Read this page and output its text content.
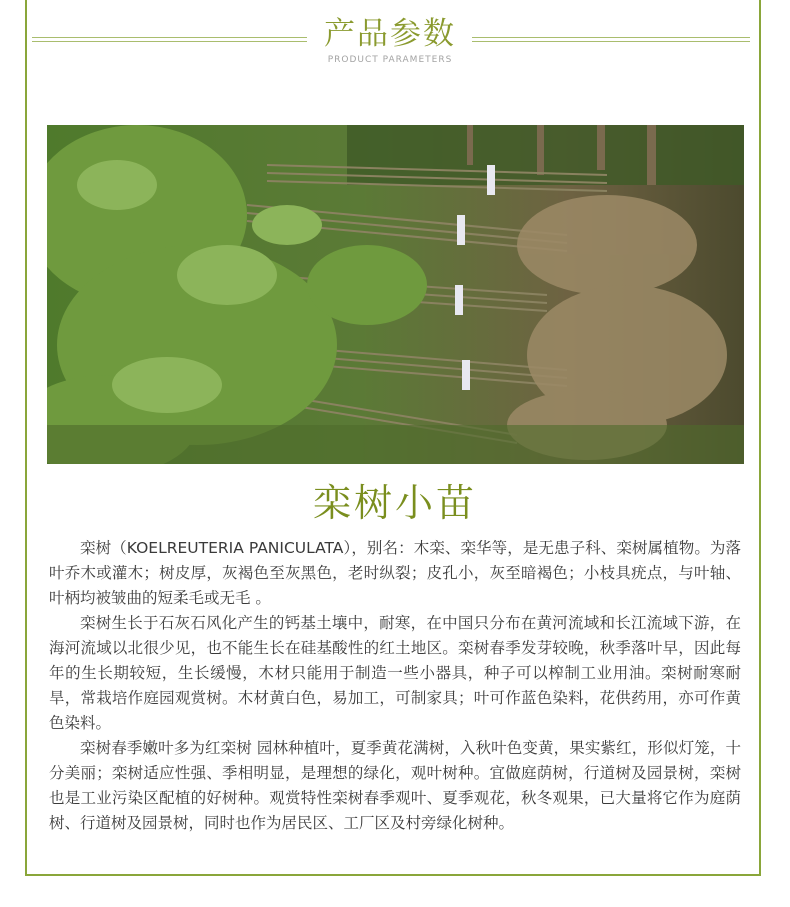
产品参数
PRODUCT PARAMETERS
栾树小苗

栾树（KOELREUTERIA PANICULATA），别名：木栾、栾华等，是无患子科、栾树属植物。为落叶乔木或灌木；树皮厚，灰褐色至灰黑色，老时纵裂；皮孔小，灰至暗褐色；小枝具疣点，与叶轴、叶柄均被皱曲的短柔毛或无毛 。

栾树生长于石灰石风化产生的钙基土壤中，耐寒，在中国只分布在黄河流域和长江流域下游，在海河流域以北很少见，也不能生长在硅基酸性的红土地区。栾树春季发芽较晚，秋季落叶早，因此每年的生长期较短，生长缓慢，木材只能用于制造一些小器具，种子可以榨制工业用油。栾树耐寒耐旱，常栽培作庭园观赏树。木材黄白色，易加工，可制家具；叶可作蓝色染料，花供药用，亦可作黄色染料。

栾树春季嫩叶多为红栾树 园林种植叶，夏季黄花满树，入秋叶色变黄，果实紫红，形似灯笼，十分美丽；栾树适应性强、季相明显，是理想的绿化，观叶树种。宜做庭荫树，行道树及园景树，栾树也是工业污染区配植的好树种。观赏特性栾树春季观叶、夏季观花，秋冬观果，已大量将它作为庭荫树、行道树及园景树，同时也作为居民区、工厂区及村旁绿化树种。
